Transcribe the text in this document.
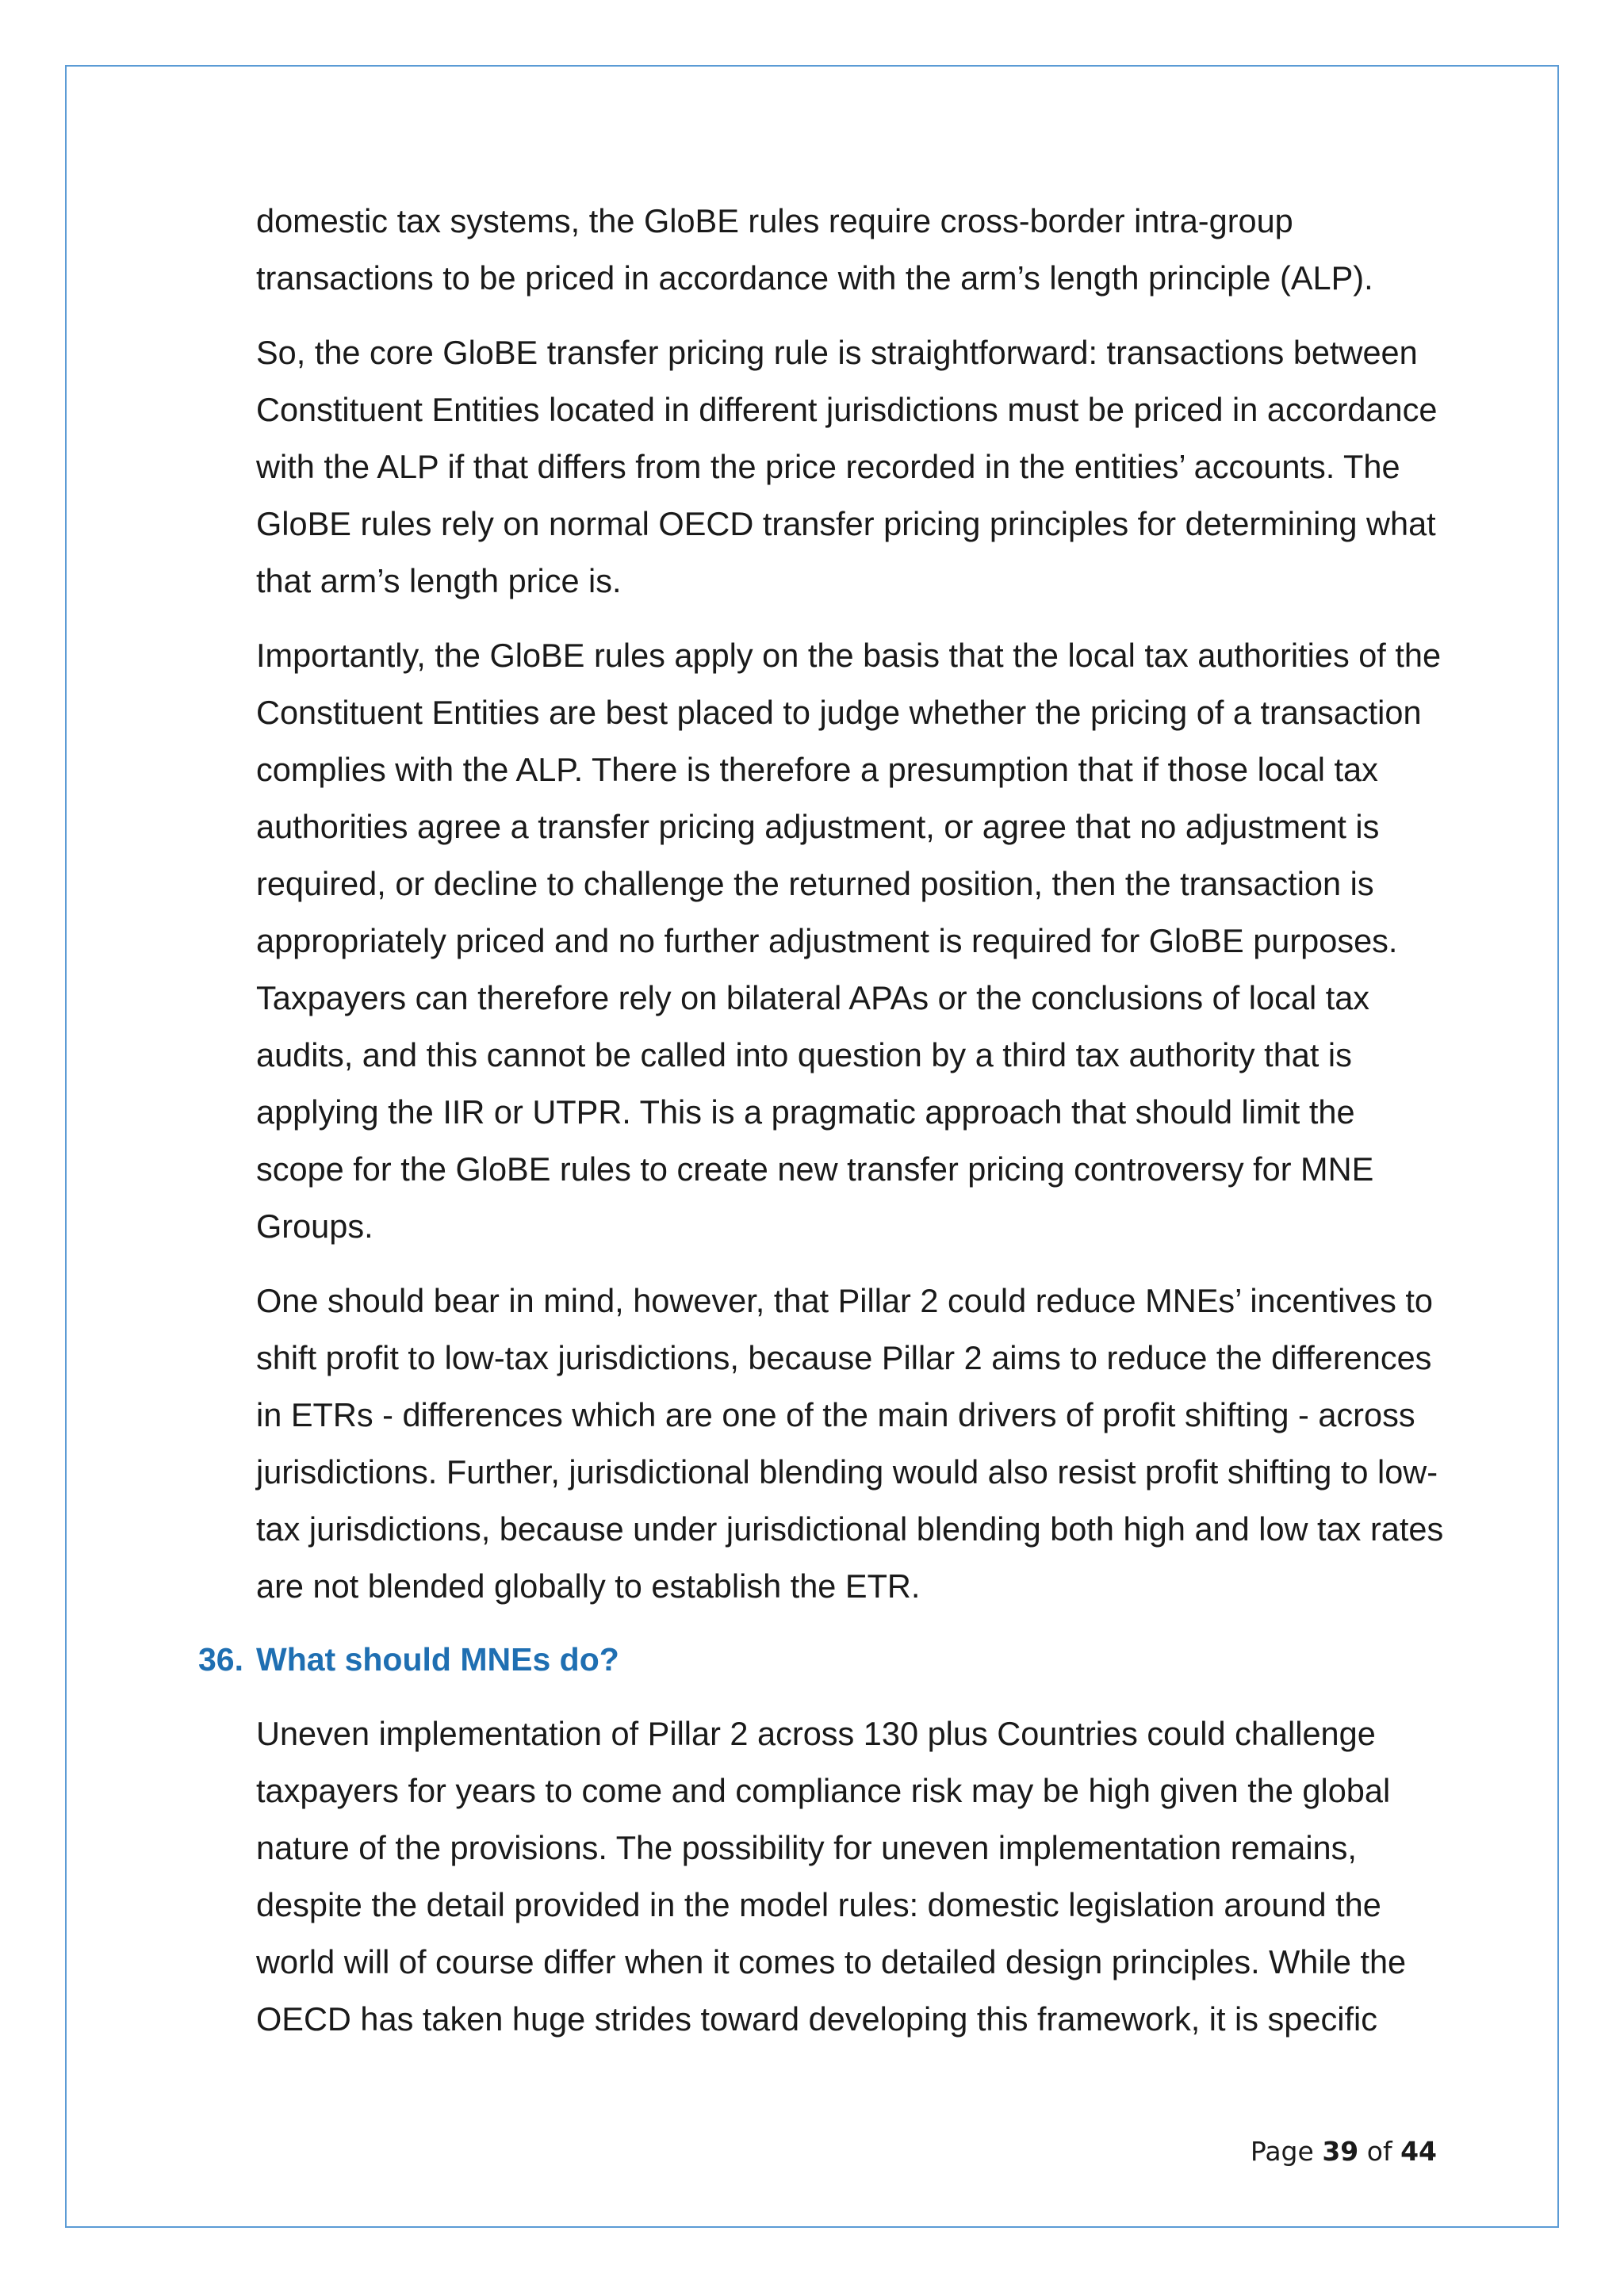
domestic tax systems, the GloBE rules require cross-border intra-group transactions to be priced in accordance with the arm’s length principle (ALP).

So, the core GloBE transfer pricing rule is straightforward: transactions between Constituent Entities located in different jurisdictions must be priced in accordance with the ALP if that differs from the price recorded in the entities’ accounts. The GloBE rules rely on normal OECD transfer pricing principles for determining what that arm’s length price is.

Importantly, the GloBE rules apply on the basis that the local tax authorities of the Constituent Entities are best placed to judge whether the pricing of a transaction complies with the ALP. There is therefore a presumption that if those local tax authorities agree a transfer pricing adjustment, or agree that no adjustment is required, or decline to challenge the returned position, then the transaction is appropriately priced and no further adjustment is required for GloBE purposes. Taxpayers can therefore rely on bilateral APAs or the conclusions of local tax audits, and this cannot be called into question by a third tax authority that is applying the IIR or UTPR. This is a pragmatic approach that should limit the scope for the GloBE rules to create new transfer pricing controversy for MNE Groups.

One should bear in mind, however, that Pillar 2 could reduce MNEs’ incentives to shift profit to low-tax jurisdictions, because Pillar 2 aims to reduce the differences in ETRs - differences which are one of the main drivers of profit shifting - across jurisdictions. Further, jurisdictional blending would also resist profit shifting to low-tax jurisdictions, because under jurisdictional blending both high and low tax rates are not blended globally to establish the ETR.

36. What should MNEs do?

Uneven implementation of Pillar 2 across 130 plus Countries could challenge taxpayers for years to come and compliance risk may be high given the global nature of the provisions. The possibility for uneven implementation remains, despite the detail provided in the model rules: domestic legislation around the world will of course differ when it comes to detailed design principles. While the OECD has taken huge strides toward developing this framework, it is specific

Page 39 of 44
